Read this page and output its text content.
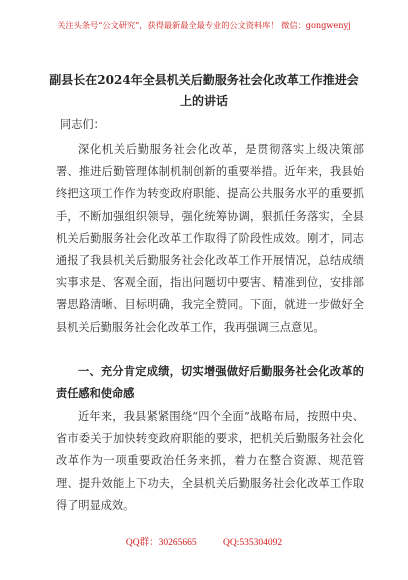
关注头条号“公文研究”，获得最新最全最专业的公文资料库！ 微信：gongwenyj
副县长在2024年全县机关后勤服务社会化改革工作推进会
上的讲话
同志们：
深化机关后勤服务社会化改革，是贯彻落实上级决策部署、推进后勤管理体制机制创新的重要举措。近年来，我县始终把这项工作作为转变政府职能、提高公共服务水平的重要抓手，不断加强组织领导，强化统筹协调，狠抓任务落实，全县机关后勤服务社会化改革工作取得了阶段性成效。刚才，同志通报了我县机关后勤服务社会化改革工作开展情况，总结成绩实事求是、客观全面，指出问题切中要害、精准到位，安排部署思路清晰、目标明确，我完全赞同。下面，就进一步做好全县机关后勤服务社会化改革工作，我再强调三点意见。
一、充分肯定成绩，切实增强做好后勤服务社会化改革的责任感和使命感
近年来，我县紧紧围绕“四个全面”战略布局，按照中央、省市委关于加快转变政府职能的要求，把机关后勤服务社会化改革作为一项重要政治任务来抓，着力在整合资源、规范管理、提升效能上下功夫，全县机关后勤服务社会化改革工作取得了明显成效。
QQ群：30265665	QQ:535304092
